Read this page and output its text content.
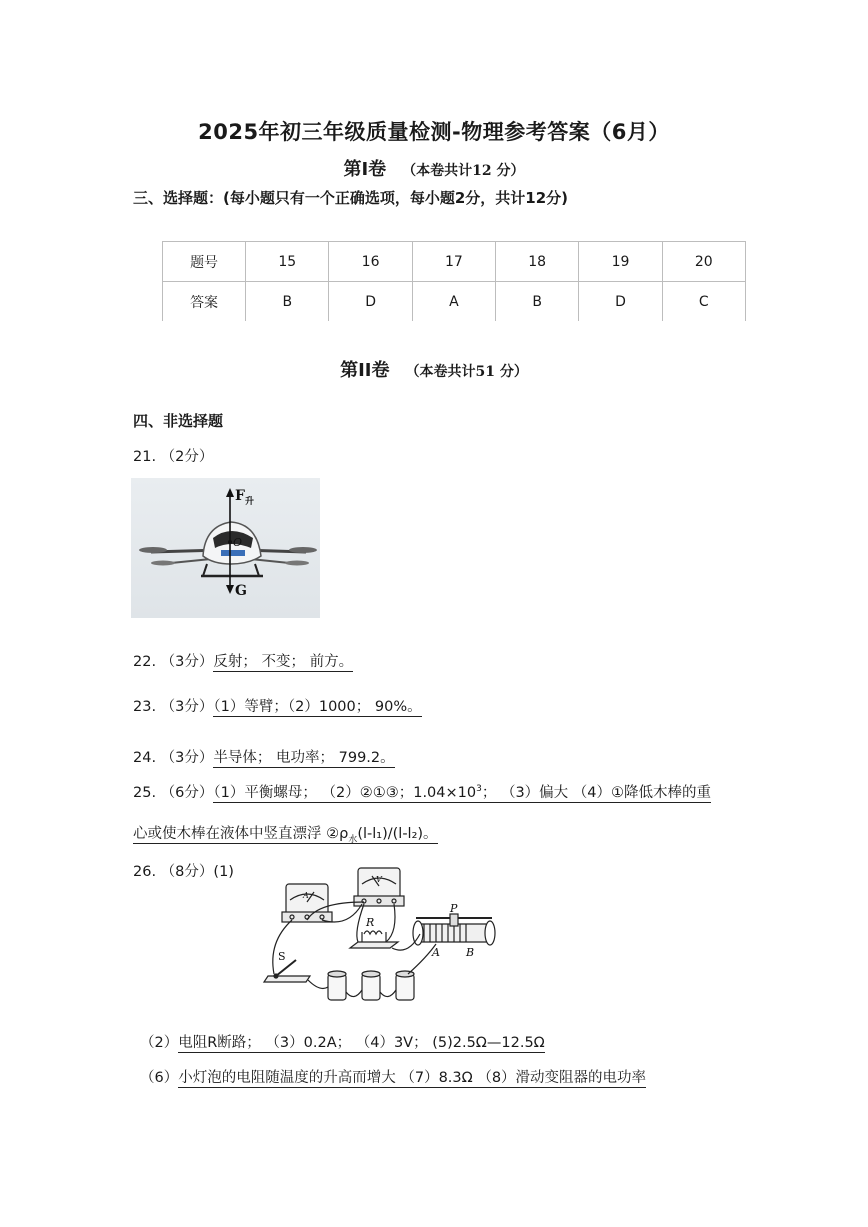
2025年初三年级质量检测-物理参考答案（6月）
第Ⅰ卷 （本卷共计12 分）
三、选择题：(每小题只有一个正确选项，每小题2分，共计12分)
题号	15	16	17	18	19	20
答案	B	D	A	B	D	C
第II卷 （本卷共计51 分）
四、非选择题
21. （2分）
F 升
O
G
22. （3分）反射； 不变； 前方。
23. （3分）（1）等臂；（2）1000； 90%。
24. （3分）半导体； 电功率； 799.2。
25. （6分）（1）平衡螺母； （2）②①③；$1.04\times 10^3$； （3）偏大 （4）①降低木棒的重
心或使木棒在液体中竖直漂浮 $②\rho_水(l-l_1)/(l-l_2)$。
26. （8分）(1)
A
V
R
S
P
A B
（2）电阻R断路； （3）0.2A； （4）3V； (5)2.5Ω—12.5Ω
（6）小灯泡的电阻随温度的升高而增大 （7）8.3Ω （8）滑动变阻器的电功率
